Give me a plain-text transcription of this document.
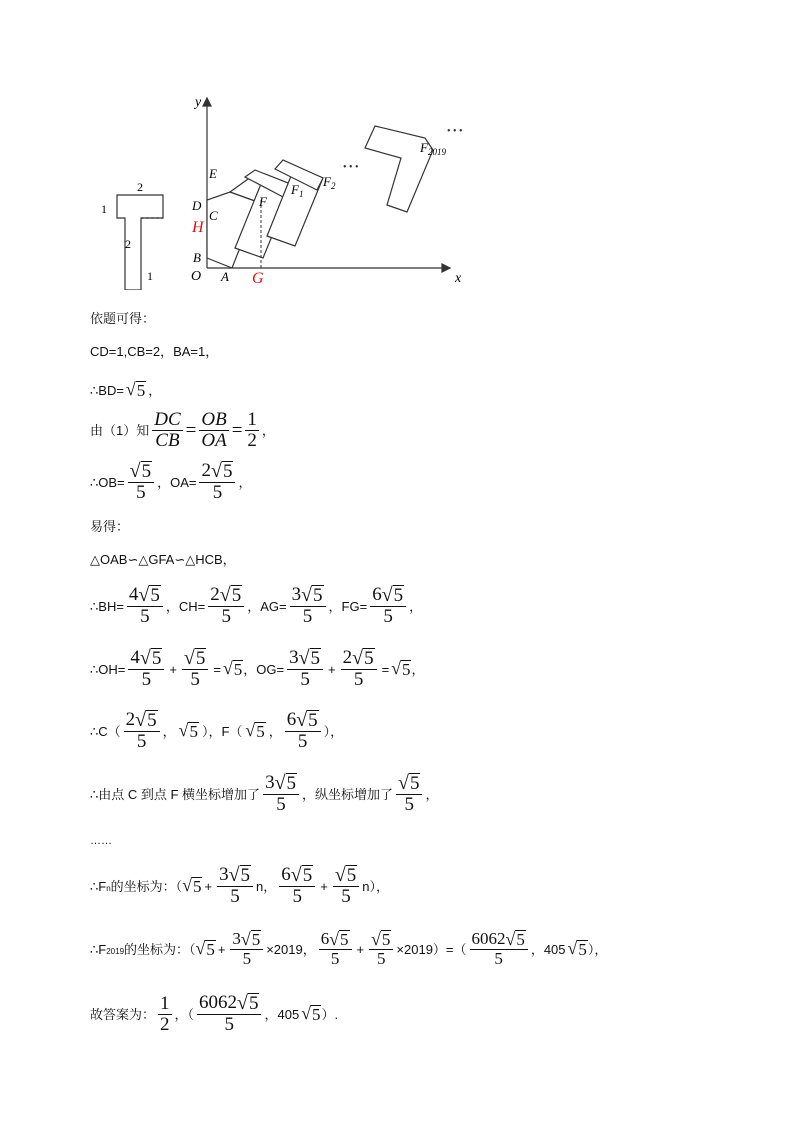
2
1
2
1	x
y
O
B
A
D
C
E
F
$F_1$
$F_2$
$F_{2019}$
• • •
• • •
H
G
依题可得：
CD=1,CB=2，BA=1，
∴BD= √ 5 ，
由（1）知 $\frac{DC}{CB} = \frac{OB}{OA} = \frac{1}{2}$ ，
∴OB= $\frac{√ 5}{5}$ ，$OA= \frac{2 √ 5}{5}$ ，
易得：
△OAB∽△GFA∽△HCB，
∴BH= $\frac{4 √ 5}{5}$ ，$CH= \frac{2 √ 5}{5}$ ，$AG= \frac{3 √ 5}{5}$ ，$FG= \frac{6 √ 5}{5}$ ，
∴OH= $\frac{4 √ 5}{5} + \frac{√ 5}{5}$ = √ 5 ，$OG= \frac{3 √ 5}{5} + \frac{2 √ 5}{5}$ = √ 5 ，
∴C（ $\frac{2 √ 5}{5}$ ， √ 5 ），F（ √ 5 ， $\frac{6 √ 5}{5}$ ），
∴由点 C 到点 F 横坐标增加了 $\frac{3 √ 5}{5}$ ，纵坐标增加了 $\frac{√ 5}{5}$ ，
……
∴F n 的坐标为：（ √ $5 + \frac{3 √ 5}{5}$ n， $\frac{6 √ 5}{5} + \frac{√ 5}{5} n$），
∴F 2019 的坐标为：（ √ $5 + \frac{3 √ 5}{5} \times 2019$， $\frac{6 √ 5}{5} + \frac{√ 5}{5} \times 2019)=( \frac{6062 √ 5}{5}$ ，405 √ 5 ），
故答案为： $\frac{1}{2}$ ，（ $\frac{6062 √ 5}{5}$ ，405 √ 5 ）.
